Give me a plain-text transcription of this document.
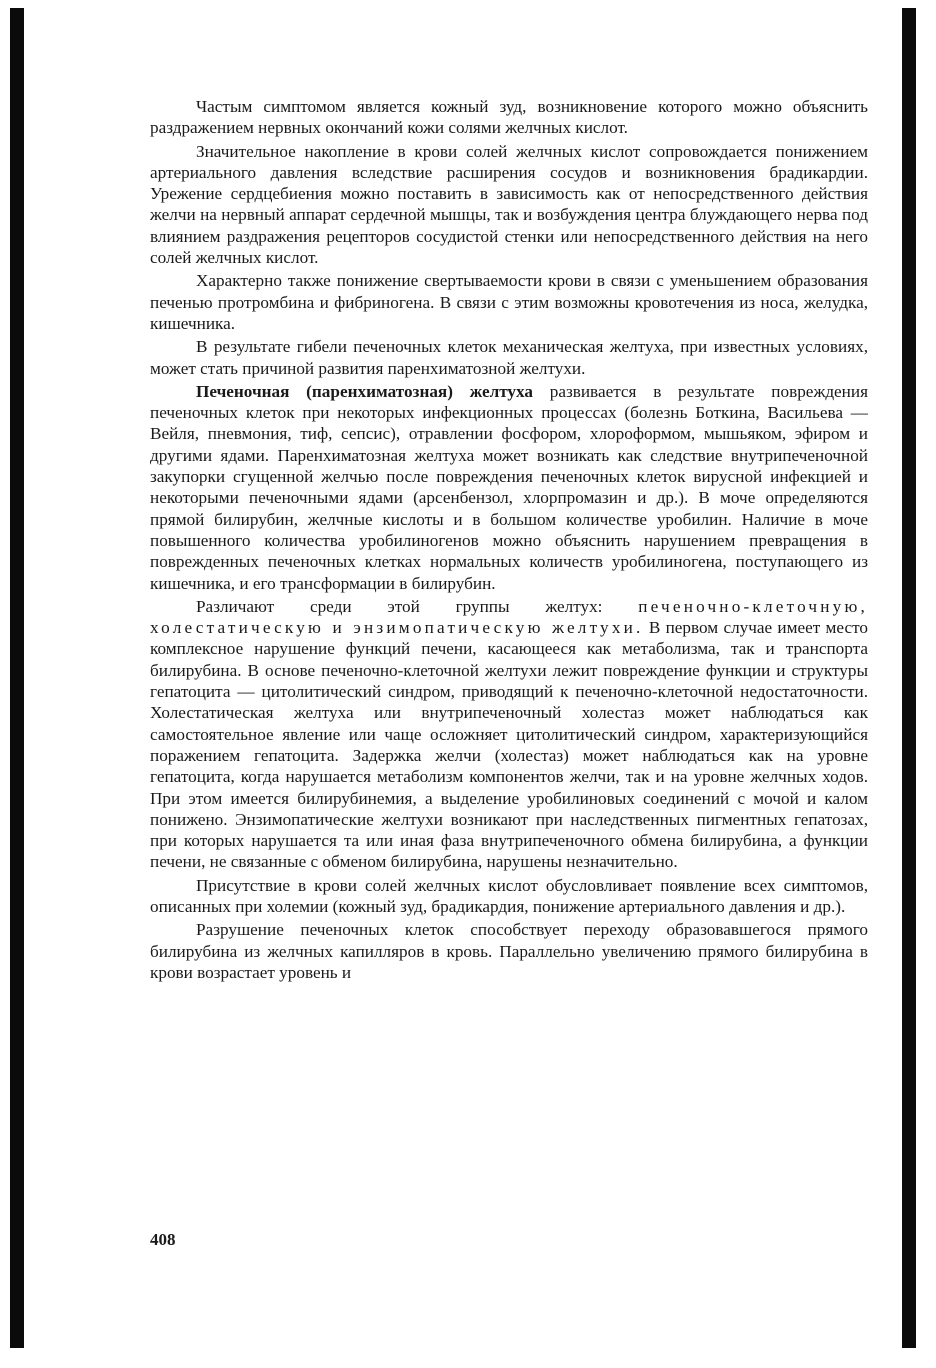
Частым симптомом является кожный зуд, возникновение которого можно объяснить раздражением нервных окончаний кожи солями желчных кислот.

Значительное накопление в крови солей желчных кислот сопровождается понижением артериального давления вследствие расширения сосудов и возникновения брадикардии. Урежение сердцебиения можно поставить в зависимость как от непосредственного действия желчи на нервный аппарат сердечной мышцы, так и возбуждения центра блуждающего нерва под влиянием раздражения рецепторов сосудистой стенки или непосредственного действия на него солей желчных кислот.

Характерно также понижение свертываемости крови в связи с уменьшением образования печенью протромбина и фибриногена. В связи с этим возможны кровотечения из носа, желудка, кишечника.

В результате гибели печеночных клеток механическая желтуха, при известных условиях, может стать причиной развития паренхиматозной желтухи.

Печеночная (паренхиматозная) желтуха развивается в результате повреждения печеночных клеток при некоторых инфекционных процессах (болезнь Боткина, Васильева — Вейля, пневмония, тиф, сепсис), отравлении фосфором, хлороформом, мышьяком, эфиром и другими ядами. Паренхиматозная желтуха может возникать как следствие внутрипеченочной закупорки сгущенной желчью после повреждения печеночных клеток вирусной инфекцией и некоторыми печеночными ядами (арсенбензол, хлорпромазин и др.). В моче определяются прямой билирубин, желчные кислоты и в большом количестве уробилин. Наличие в моче повышенного количества уробилиногенов можно объяснить нарушением превращения в поврежденных печеночных клетках нормальных количеств уробилиногена, поступающего из кишечника, и его трансформации в билирубин.

Различают среди этой группы желтух: печеночно-клеточную, холестатическую и энзимопатическую желтухи. В первом случае имеет место комплексное нарушение функций печени, касающееся как метаболизма, так и транспорта билирубина. В основе печеночно-клеточной желтухи лежит повреждение функции и структуры гепатоцита — цитолитический синдром, приводящий к печеночно-клеточной недостаточности. Холестатическая желтуха или внутрипеченочный холестаз может наблюдаться как самостоятельное явление или чаще осложняет цитолитический синдром, характеризующийся поражением гепатоцита. Задержка желчи (холестаз) может наблюдаться как на уровне гепатоцита, когда нарушается метаболизм компонентов желчи, так и на уровне желчных ходов. При этом имеется билирубинемия, а выделение уробилиновых соединений с мочой и калом понижено. Энзимопатические желтухи возникают при наследственных пигментных гепатозах, при которых нарушается та или иная фаза внутрипеченочного обмена билирубина, а функции печени, не связанные с обменом билирубина, нарушены незначительно.

Присутствие в крови солей желчных кислот обусловливает появление всех симптомов, описанных при холемии (кожный зуд, брадикардия, понижение артериального давления и др.).

Разрушение печеночных клеток способствует переходу образовавшегося прямого билирубина из желчных капилляров в кровь. Параллельно увеличению прямого билирубина в крови возрастает уровень и

408
